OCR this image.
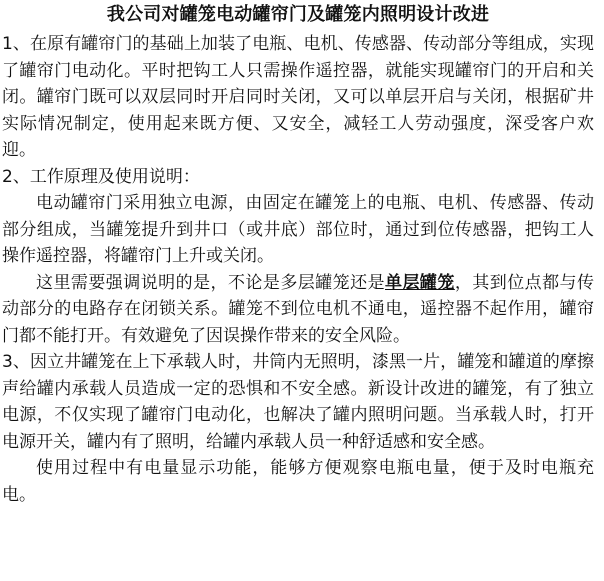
我公司对罐笼电动罐帘门及罐笼内照明设计改进

1、在原有罐帘门的基础上加装了电瓶、电机、传感器、传动部分等组成，实现了罐帘门电动化。平时把钩工人只需操作遥控器，就能实现罐帘门的开启和关闭。罐帘门既可以双层同时开启同时关闭，又可以单层开启与关闭，根据矿井实际情况制定，使用起来既方便、又安全，减轻工人劳动强度，深受客户欢迎。

2、工作原理及使用说明：

电动罐帘门采用独立电源，由固定在罐笼上的电瓶、电机、传感器、传动部分组成，当罐笼提升到井口（或井底）部位时，通过到位传感器，把钩工人操作遥控器，将罐帘门上升或关闭。

这里需要强调说明的是，不论是多层罐笼还是单层罐笼，其到位点都与传动部分的电路存在闭锁关系。罐笼不到位电机不通电，遥控器不起作用，罐帘门都不能打开。有效避免了因误操作带来的安全风险。

3、因立井罐笼在上下承载人时，井筒内无照明，漆黑一片，罐笼和罐道的摩擦声给罐内承载人员造成一定的恐惧和不安全感。新设计改进的罐笼，有了独立电源，不仅实现了罐帘门电动化，也解决了罐内照明问题。当承载人时，打开电源开关，罐内有了照明，给罐内承载人员一种舒适感和安全感。

使用过程中有电量显示功能，能够方便观察电瓶电量，便于及时电瓶充电。
